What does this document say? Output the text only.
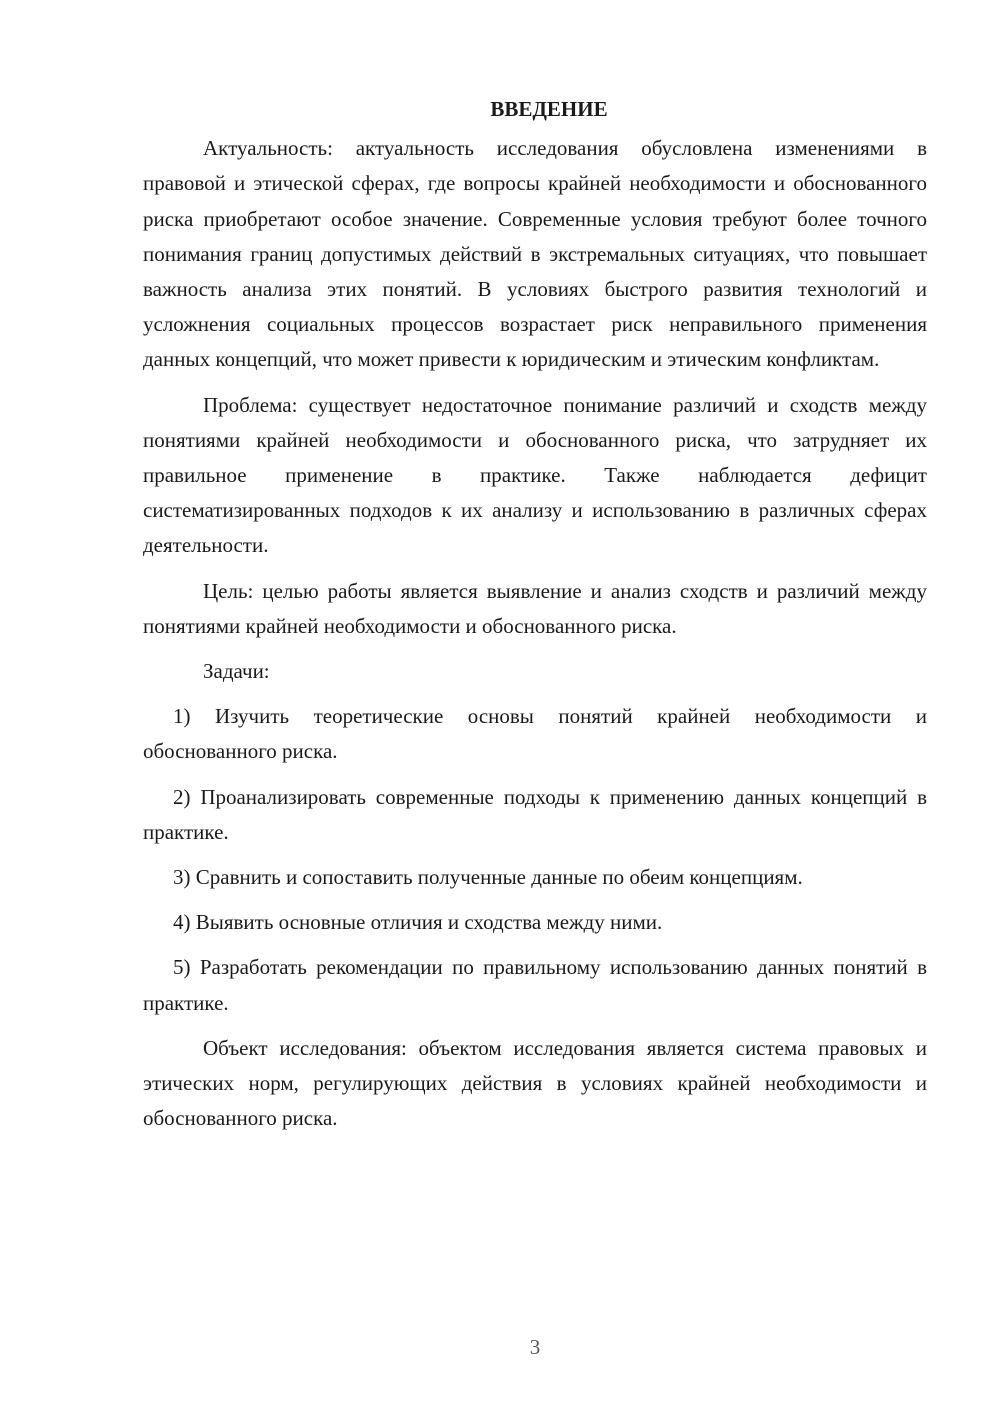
ВВЕДЕНИЕ

Актуальность: актуальность исследования обусловлена изменениями в правовой и этической сферах, где вопросы крайней необходимости и обоснованного риска приобретают особое значение. Современные условия требуют более точного понимания границ допустимых действий в экстремальных ситуациях, что повышает важность анализа этих понятий. В условиях быстрого развития технологий и усложнения социальных процессов возрастает риск неправильного применения данных концепций, что может привести к юридическим и этическим конфликтам.

Проблема: существует недостаточное понимание различий и сходств между понятиями крайней необходимости и обоснованного риска, что затрудняет их правильное применение в практике. Также наблюдается дефицит систематизированных подходов к их анализу и использованию в различных сферах деятельности.

Цель: целью работы является выявление и анализ сходств и различий между понятиями крайней необходимости и обоснованного риска.

Задачи:

1) Изучить теоретические основы понятий крайней необходимости и обоснованного риска.

2) Проанализировать современные подходы к применению данных концепций в практике.

3) Сравнить и сопоставить полученные данные по обеим концепциям.

4) Выявить основные отличия и сходства между ними.

5) Разработать рекомендации по правильному использованию данных понятий в практике.

Объект исследования: объектом исследования является система правовых и этических норм, регулирующих действия в условиях крайней необходимости и обоснованного риска.

3
